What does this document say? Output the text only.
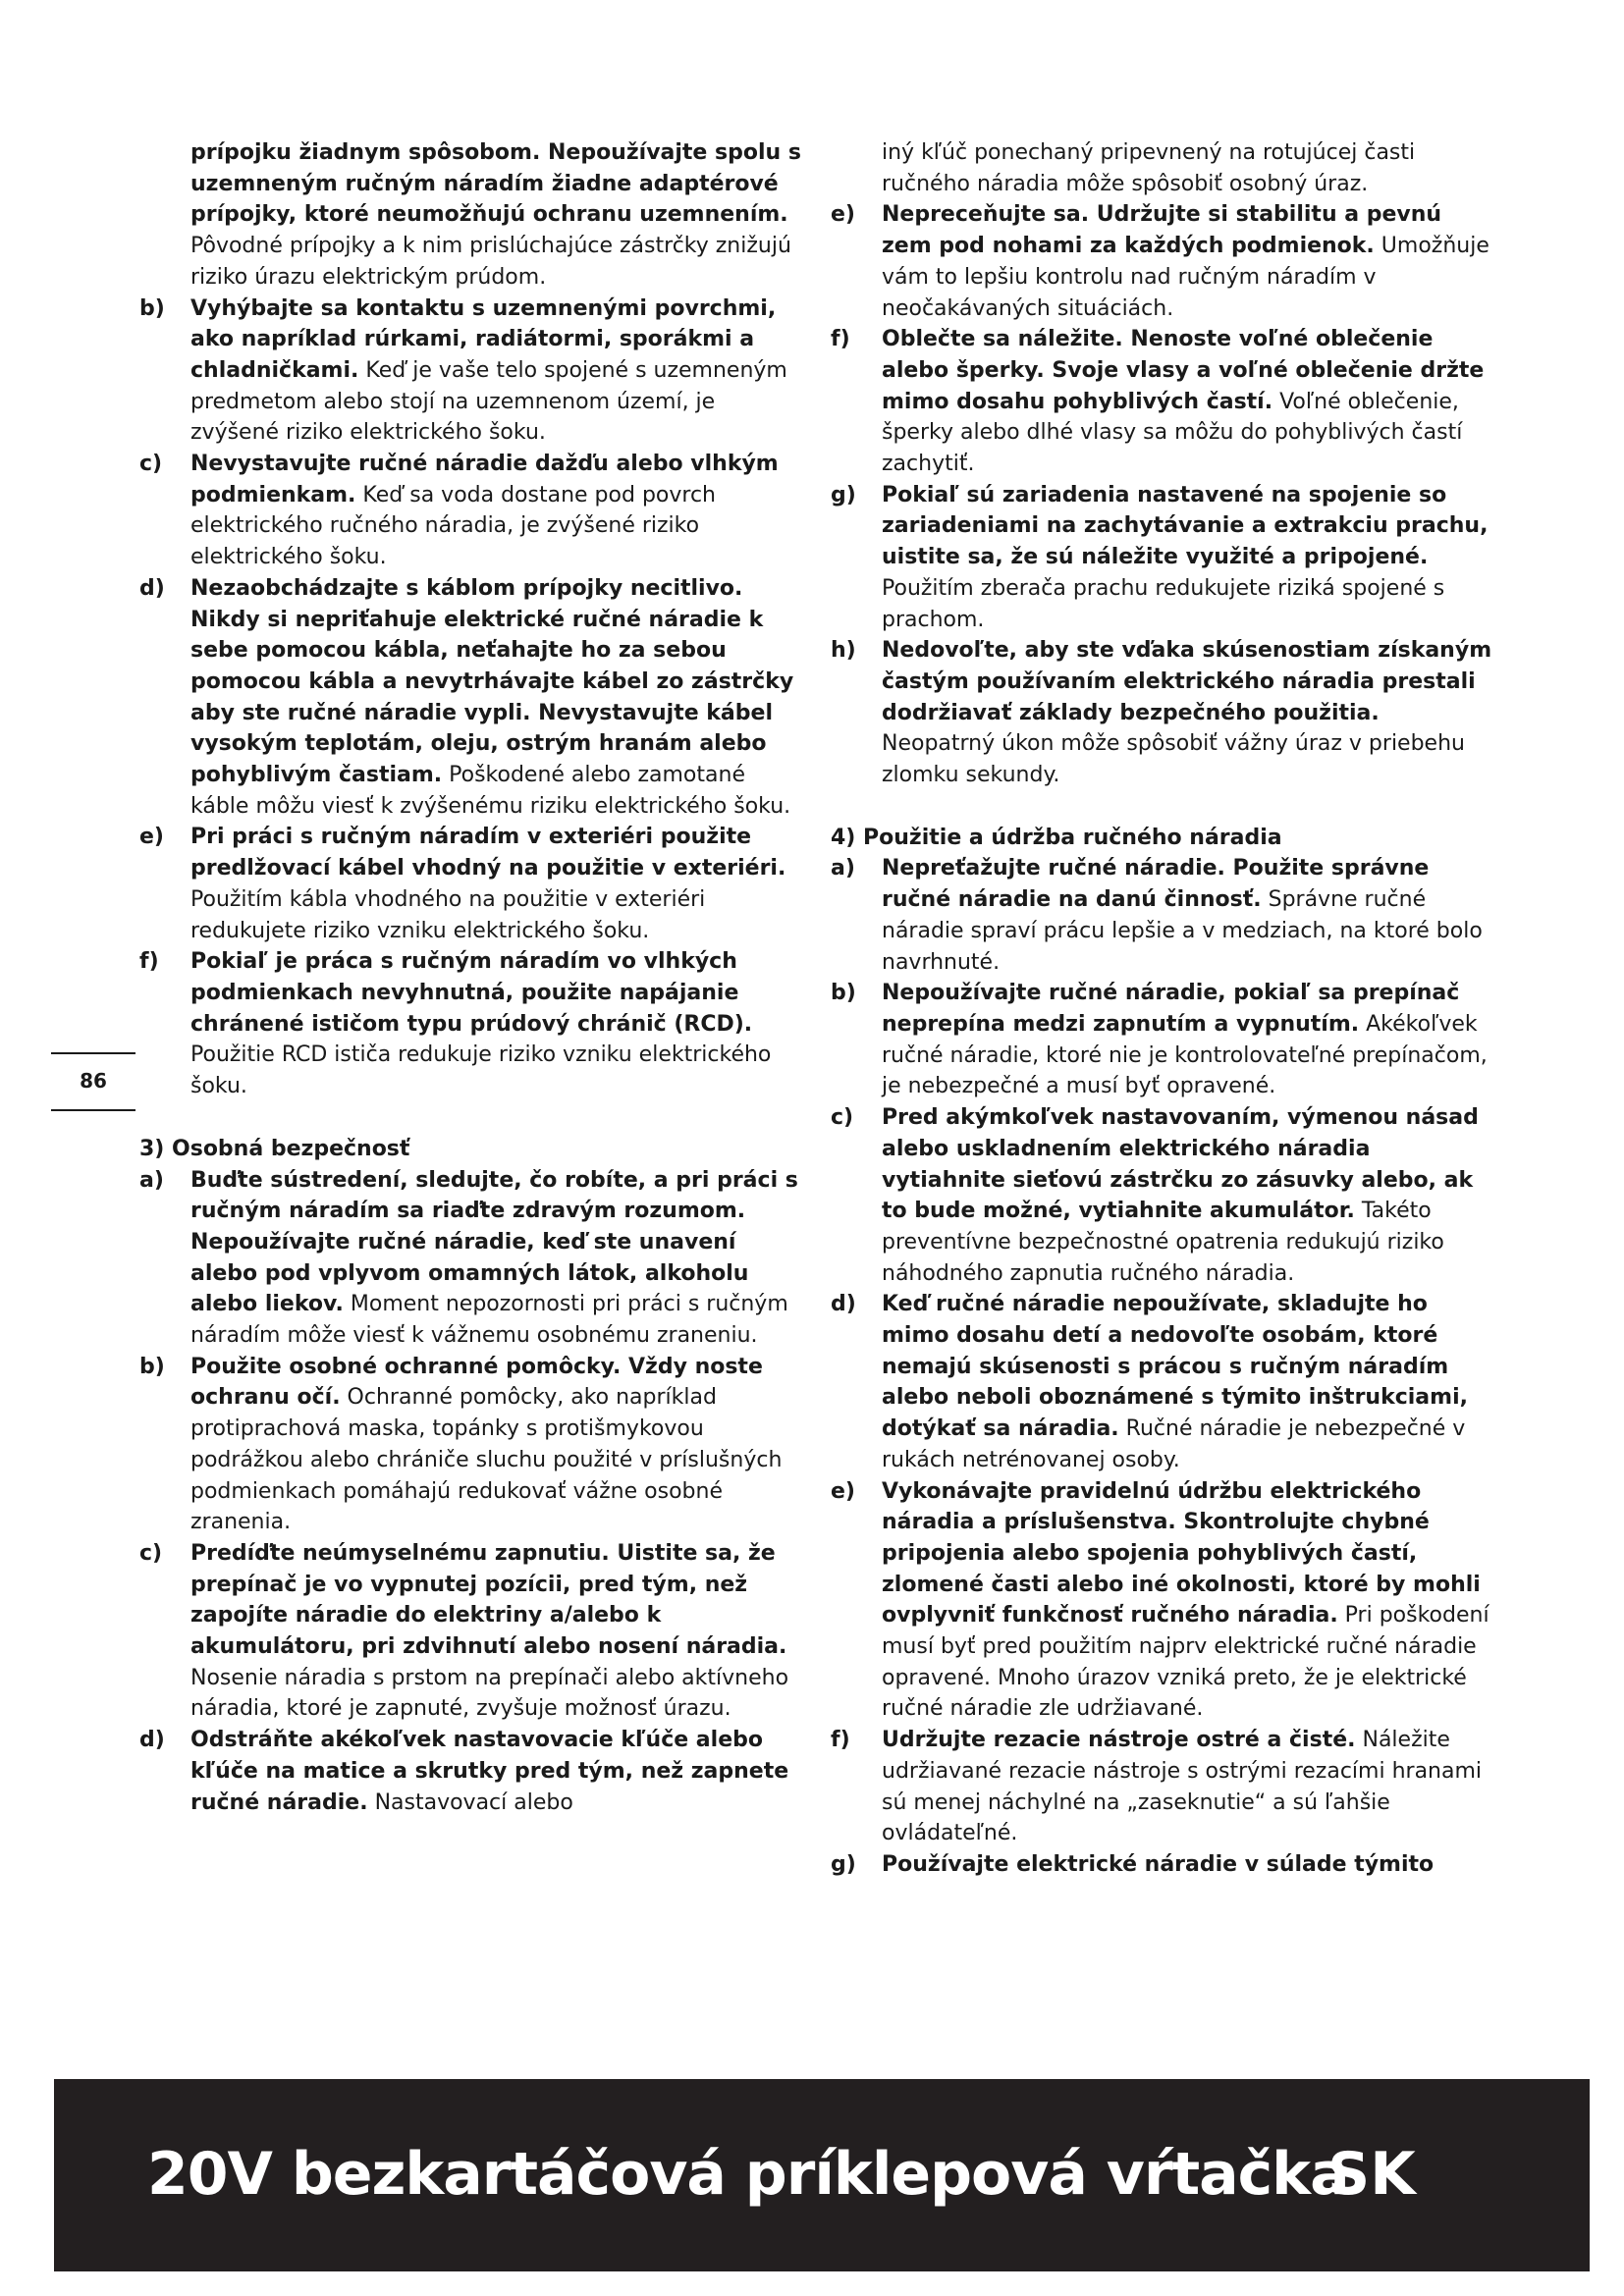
prípojku žiadnym spôsobom. Nepoužívajte spolu s uzemneným ručným náradím žiadne adaptérové prípojky, ktoré neumožňujú ochranu uzemnením. Pôvodné prípojky a k nim prislúchajúce zástrčky znižujú riziko úrazu elektrickým prúdom.
b) Vyhýbajte sa kontaktu s uzemnenými povrchmi, ako napríklad rúrkami, radiátormi, sporákmi a chladničkami. Keď je vaše telo spojené s uzemneným predmetom alebo stojí na uzemnenom území, je zvýšené riziko elektrického šoku.
c) Nevystavujte ručné náradie dažďu alebo vlhkým podmienkam. Keď sa voda dostane pod povrch elektrického ručného náradia, je zvýšené riziko elektrického šoku.
d) Nezaobchádzajte s káblom prípojky necitlivo. Nikdy si nepriťahuje elektrické ručné náradie k sebe pomocou kábla, neťahajte ho za sebou pomocou kábla a nevytrhávajte kábel zo zástrčky aby ste ručné náradie vypli. Nevystavujte kábel vysokým teplotám, oleju, ostrým hranám alebo pohyblivým častiam. Poškodené alebo zamotané káble môžu viesť k zvýšenému riziku elektrického šoku.
e) Pri práci s ručným náradím v exteriéri použite predlžovací kábel vhodný na použitie v exteriéri. Použitím kábla vhodného na použitie v exteriéri redukujete riziko vzniku elektrického šoku.
f) Pokiaľ je práca s ručným náradím vo vlhkých podmienkach nevyhnutná, použite napájanie chránené ističom typu prúdový chránič (RCD). Použitie RCD ističa redukuje riziko vzniku elektrického šoku.
3) Osobná bezpečnosť
a) Buďte sústredení, sledujte, čo robíte, a pri práci s ručným náradím sa riaďte zdravým rozumom. Nepoužívajte ručné náradie, keď ste unavení alebo pod vplyvom omamných látok, alkoholu alebo liekov. Moment nepozornosti pri práci s ručným náradím môže viesť k vážnemu osobnému zraneniu.
b) Použite osobné ochranné pomôcky. Vždy noste ochranu očí. Ochranné pomôcky, ako napríklad protiprachová maska, topánky s protišmykovou podrážkou alebo chrániče sluchu použité v príslušných podmienkach pomáhajú redukovať vážne osobné zranenia.
c) Predíďte neúmyselnému zapnutiu. Uistite sa, že prepínač je vo vypnutej pozícii, pred tým, než zapojíte náradie do elektriny a/alebo k akumulátoru, pri zdvihnutí alebo nosení náradia. Nosenie náradia s prstom na prepínači alebo aktívneho náradia, ktoré je zapnuté, zvyšuje možnosť úrazu.
d) Odstráňte akékoľvek nastavovacie kľúče alebo kľúče na matice a skrutky pred tým, než zapnete ručné náradie. Nastavovací alebo
iný kľúč ponechaný pripevnený na rotujúcej časti ručného náradia môže spôsobiť osobný úraz.
e) Nepreceňujte sa. Udržujte si stabilitu a pevnú zem pod nohami za každých podmienok. Umožňuje vám to lepšiu kontrolu nad ručným náradím v neočakávaných situáciách.
f) Oblečte sa náležite. Nenoste voľné oblečenie alebo šperky. Svoje vlasy a voľné oblečenie držte mimo dosahu pohyblivých častí. Voľné oblečenie, šperky alebo dlhé vlasy sa môžu do pohyblivých častí zachytiť.
g) Pokiaľ sú zariadenia nastavené na spojenie so zariadeniami na zachytávanie a extrakciu prachu, uistite sa, že sú náležite využité a pripojené. Použitím zberača prachu redukujete riziká spojené s prachom.
h) Nedovoľte, aby ste vďaka skúsenostiam získaným častým používaním elektrického náradia prestali dodržiavať základy bezpečného použitia. Neopatrný úkon môže spôsobiť vážny úraz v priebehu zlomku sekundy.
4) Použitie a údržba ručného náradia
a) Nepreťažujte ručné náradie. Použite správne ručné náradie na danú činnosť. Správne ručné náradie spraví prácu lepšie a v medziach, na ktoré bolo navrhnuté.
b) Nepoužívajte ručné náradie, pokiaľ sa prepínač neprepína medzi zapnutím a vypnutím. Akékoľvek ručné náradie, ktoré nie je kontrolovateľné prepínačom, je nebezpečné a musí byť opravené.
c) Pred akýmkoľvek nastavovaním, výmenou násad alebo uskladnením elektrického náradia vytiahnite sieťovú zástrčku zo zásuvky alebo, ak to bude možné, vytiahnite akumulátor. Takéto preventívne bezpečnostné opatrenia redukujú riziko náhodného zapnutia ručného náradia.
d) Keď ručné náradie nepoužívate, skladujte ho mimo dosahu detí a nedovoľte osobám, ktoré nemajú skúsenosti s prácou s ručným náradím alebo neboli oboznámené s týmito inštrukciami, dotýkať sa náradia. Ručné náradie je nebezpečné v rukách netrénovanej osoby.
e) Vykonávajte pravidelnú údržbu elektrického náradia a príslušenstva. Skontrolujte chybné pripojenia alebo spojenia pohyblivých častí, zlomené časti alebo iné okolnosti, ktoré by mohli ovplyvniť funkčnosť ručného náradia. Pri poškodení musí byť pred použitím najprv elektrické ručné náradie opravené. Mnoho úrazov vzniká preto, že je elektrické ručné náradie zle udržiavané.
f) Udržujte rezacie nástroje ostré a čisté. Náležite udržiavané rezacie nástroje s ostrými rezacími hranami sú menej náchylné na „zaseknutie“ a sú ľahšie ovládateľné.
g) Používajte elektrické náradie v súlade týmito
86
20V bezkartáčová príklepová vŕtačka
SK
